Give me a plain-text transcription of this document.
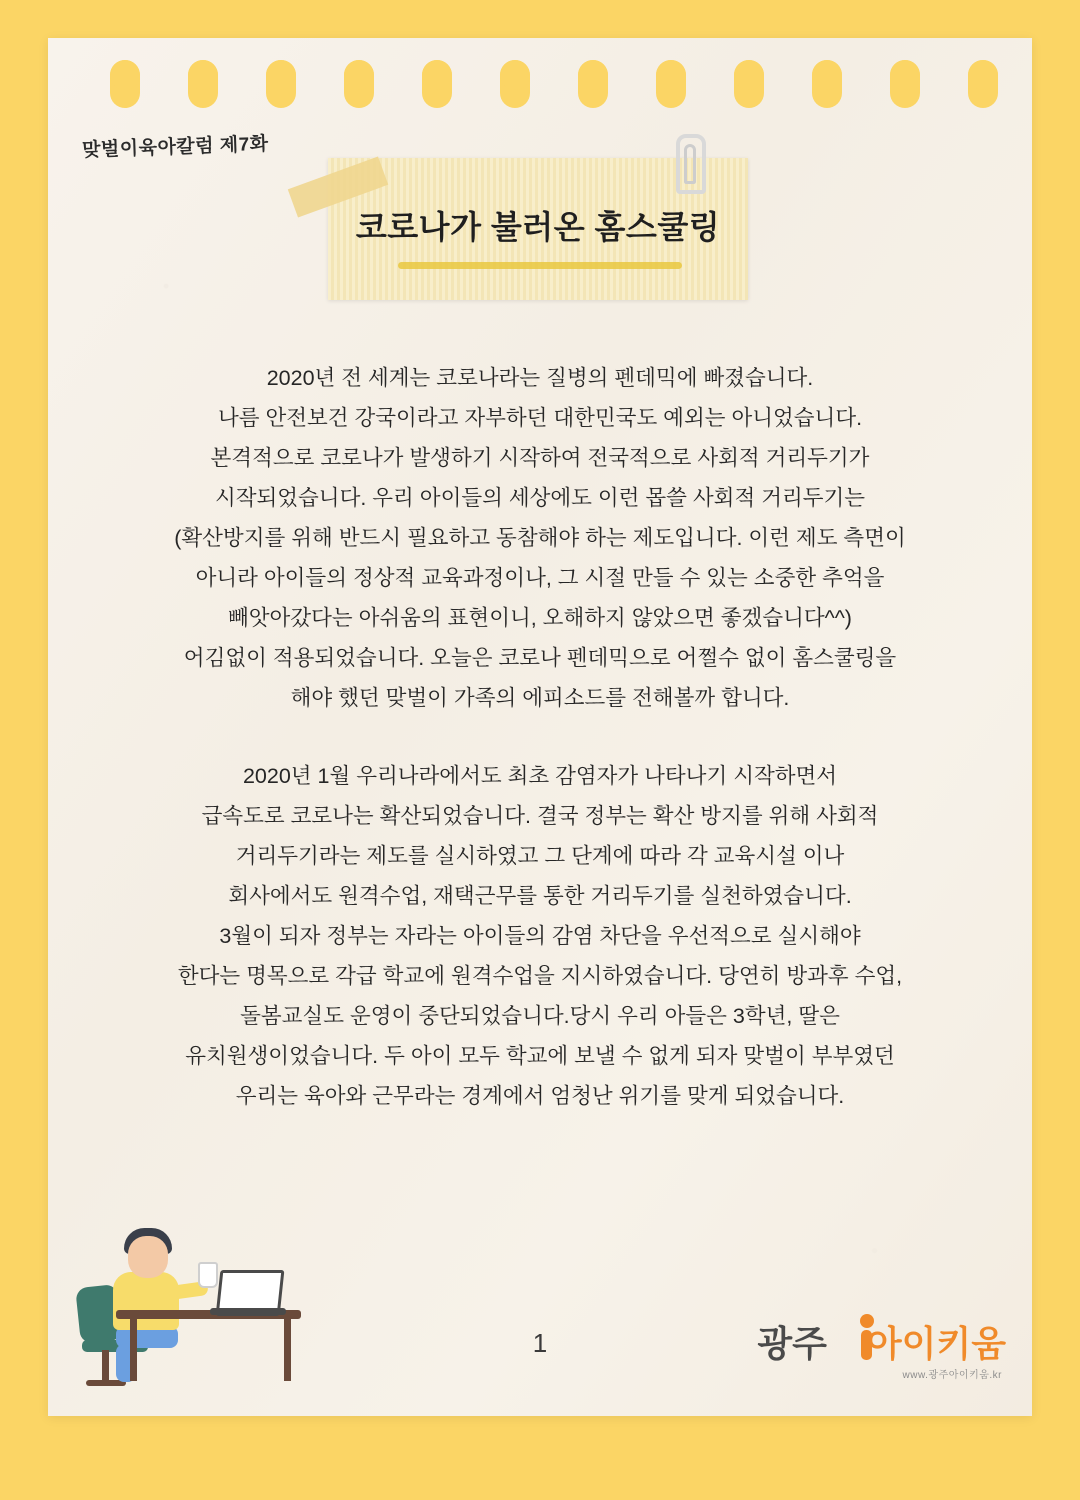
맞벌이육아칼럼 제7화
코로나가 불러온 홈스쿨링
2020년 전 세계는 코로나라는 질병의 펜데믹에 빠졌습니다.
나름 안전보건 강국이라고 자부하던 대한민국도 예외는 아니었습니다.
본격적으로 코로나가 발생하기 시작하여 전국적으로 사회적 거리두기가
시작되었습니다. 우리 아이들의 세상에도 이런 몹쓸 사회적 거리두기는
(확산방지를 위해 반드시 필요하고 동참해야 하는 제도입니다. 이런 제도 측면이
아니라 아이들의 정상적 교육과정이나, 그 시절 만들 수 있는 소중한 추억을
빼앗아갔다는 아쉬움의 표현이니, 오해하지 않았으면 좋겠습니다^^)
어김없이 적용되었습니다. 오늘은 코로나 펜데믹으로 어쩔수 없이 홈스쿨링을
해야 했던 맞벌이 가족의 에피소드를 전해볼까 합니다.
2020년 1월 우리나라에서도 최초 감염자가 나타나기 시작하면서
급속도로 코로나는 확산되었습니다. 결국 정부는 확산 방지를 위해 사회적
거리두기라는 제도를 실시하였고 그 단계에 따라 각 교육시설 이나
회사에서도 원격수업, 재택근무를 통한 거리두기를 실천하였습니다.
3월이 되자 정부는 자라는 아이들의 감염 차단을 우선적으로 실시해야
한다는 명목으로 각급 학교에 원격수업을 지시하였습니다. 당연히 방과후 수업,
돌봄교실도 운영이 중단되었습니다.당시 우리 아들은 3학년, 딸은
유치원생이었습니다. 두 아이 모두 학교에 보낼 수 없게 되자 맞벌이 부부였던
우리는 육아와 근무라는 경계에서 엄청난 위기를 맞게 되었습니다.
1	광주 아이키움
www.광주아이키움.kr
